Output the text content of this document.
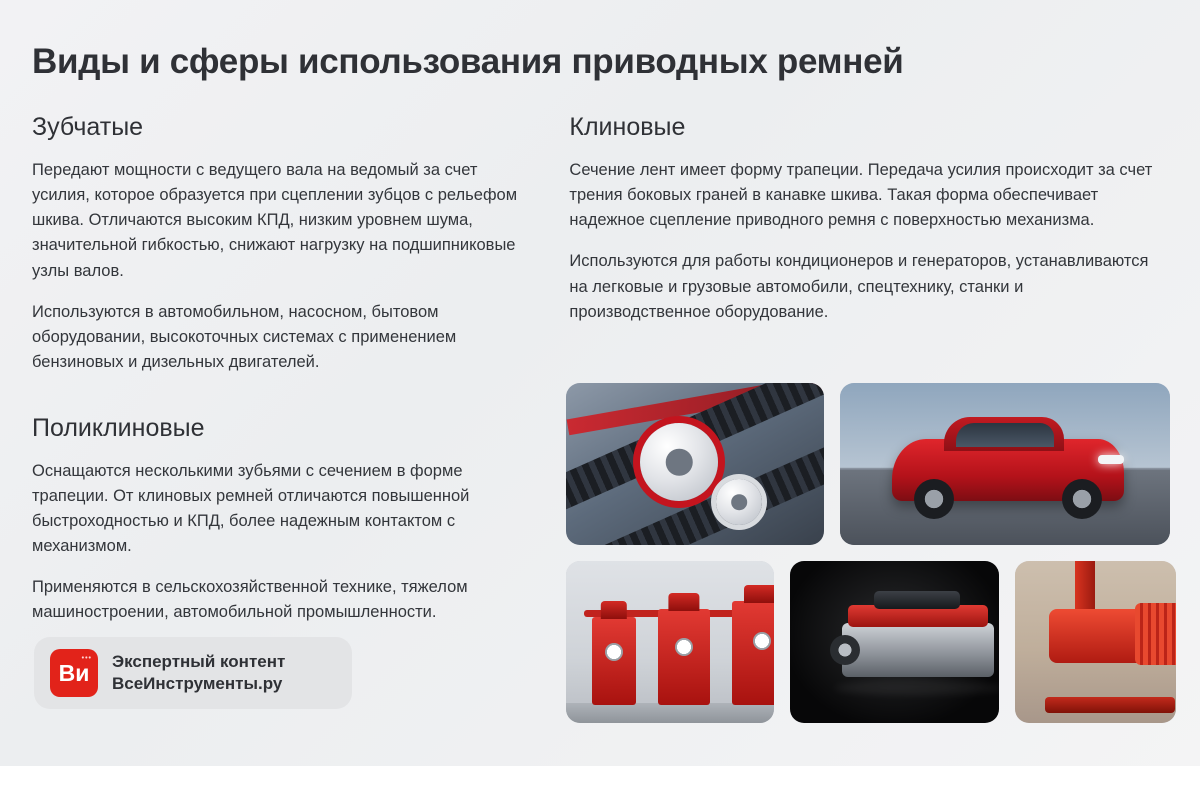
Виды и сферы использования приводных ремней
Зубчатые

Передают мощности с ведущего вала на ведомый за счет усилия, которое образуется при сцеплении зубцов с рельефом шкива. Отличаются высоким КПД, низким уровнем шума, значительной гибкостью, снижают нагрузку на подшипниковые узлы валов.

Используются в автомобильном, насосном, бытовом оборудовании, высокоточных системах с применением бензиновых и дизельных двигателей.

Поликлиновые

Оснащаются несколькими зубьями с сечением в форме трапеции. От клиновых ремней отличаются повышенной быстроходностью и КПД, более надежным контактом с механизмом.

Применяются в сельскохозяйственной технике, тяжелом машиностроении, автомобильной промышленности.

Клиновые

Сечение лент имеет форму трапеции. Передача усилия происходит за счет трения боковых граней в канавке шкива. Такая форма обеспечивает надежное сцепление приводного ремня с поверхностью механизма.

Используются для работы кондиционеров и генераторов, устанавливаются на легковые и грузовые автомобили, спецтехнику, станки и производственное оборудование.

•••
Ви Экспертный контент
ВсеИнструменты.ру
